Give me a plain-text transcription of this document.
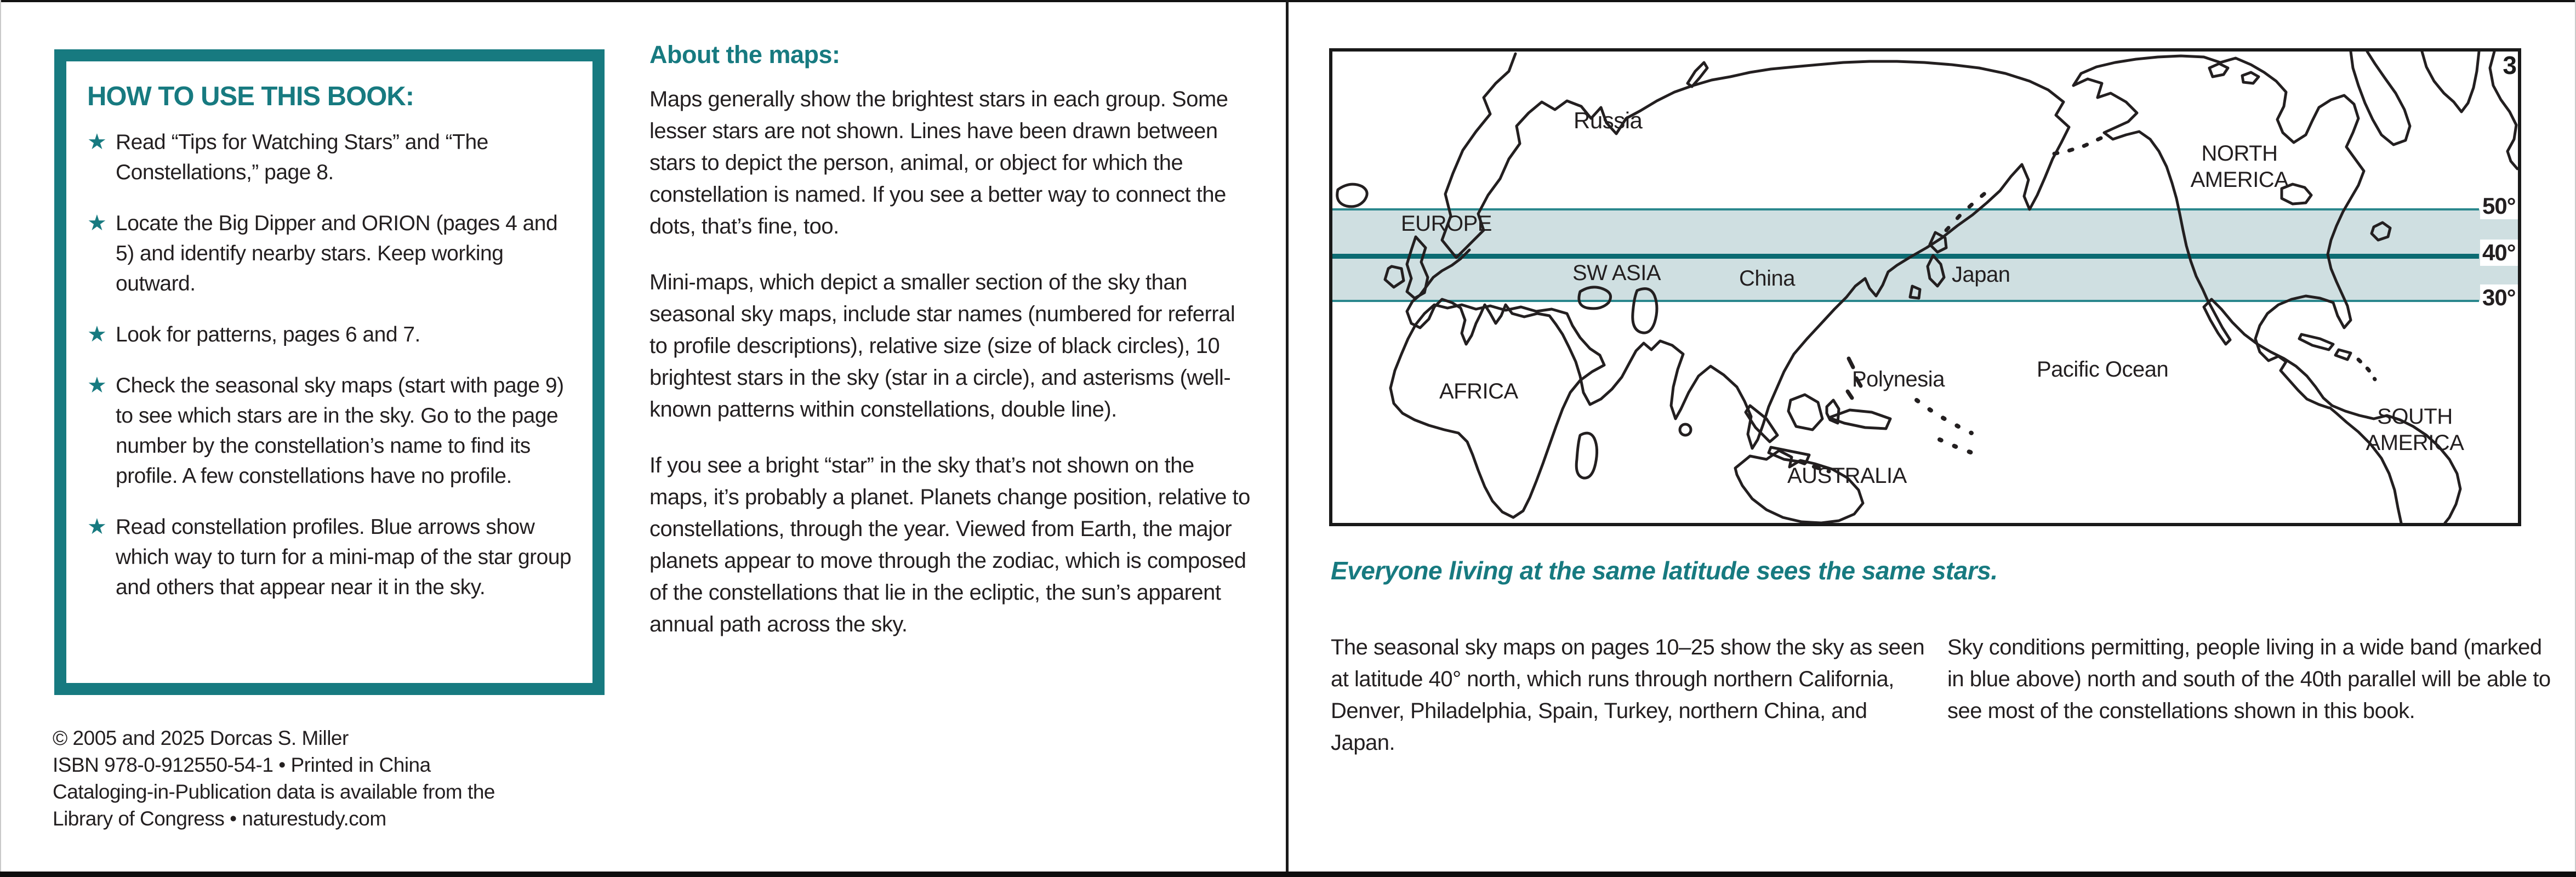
HOW TO USE THIS BOOK:
★ Read “Tips for Watching Stars” and “The Constellations,” page 8.
★ Locate the Big Dipper and ORION (pages 4 and 5) and identify nearby stars. Keep working outward.
★ Look for patterns, pages 6 and 7.
★ Check the seasonal sky maps (start with page 9) to see which stars are in the sky. Go to the page number by the constellation’s name to find its profile. A few constellations have no profile.
★ Read constellation profiles. Blue arrows show which way to turn for a mini-map of the star group and others that appear near it in the sky.
© 2005 and 2025 Dorcas S. Miller
ISBN 978-0-912550-54-1 • Printed in China
Cataloging-in-Publication data is available from the
Library of Congress • naturestudy.com
About the maps:

Maps generally show the brightest stars in each group. Some lesser stars are not shown. Lines have been drawn between stars to depict the person, animal, or object for which the constellation is named. If you see a better way to connect the dots, that’s fine, too.

Mini-maps, which depict a smaller section of the sky than seasonal sky maps, include star names (numbered for referral to profile descriptions), relative size (size of black circles), 10 brightest stars in the sky (star in a circle), and asterisms (well-known patterns within constellations, double line).

If you see a bright “star” in the sky that’s not shown on the maps, it’s probably a planet. Planets change position, relative to constellations, through the year. Viewed from Earth, the major planets appear to move through the zodiac, which is composed of the constellations that lie in the ecliptic, the sun’s apparent annual path across the sky.

Russia
EUROPE
SW ASIA	China	Japan
NORTH AMERICA
AFRICA	Polynesia	Pacific Ocean
AUSTRALIA
SOUTH AMERICA
50°
40°
30°
3
Everyone living at the same latitude sees the same stars.
The seasonal sky maps on pages 10–25 show the sky as seen at latitude 40° north, which runs through northern California, Denver, Philadelphia, Spain, Turkey, northern China, and Japan.
Sky conditions permitting, people living in a wide band (marked in blue above) north and south of the 40th parallel will be able to see most of the constellations shown in this book.
